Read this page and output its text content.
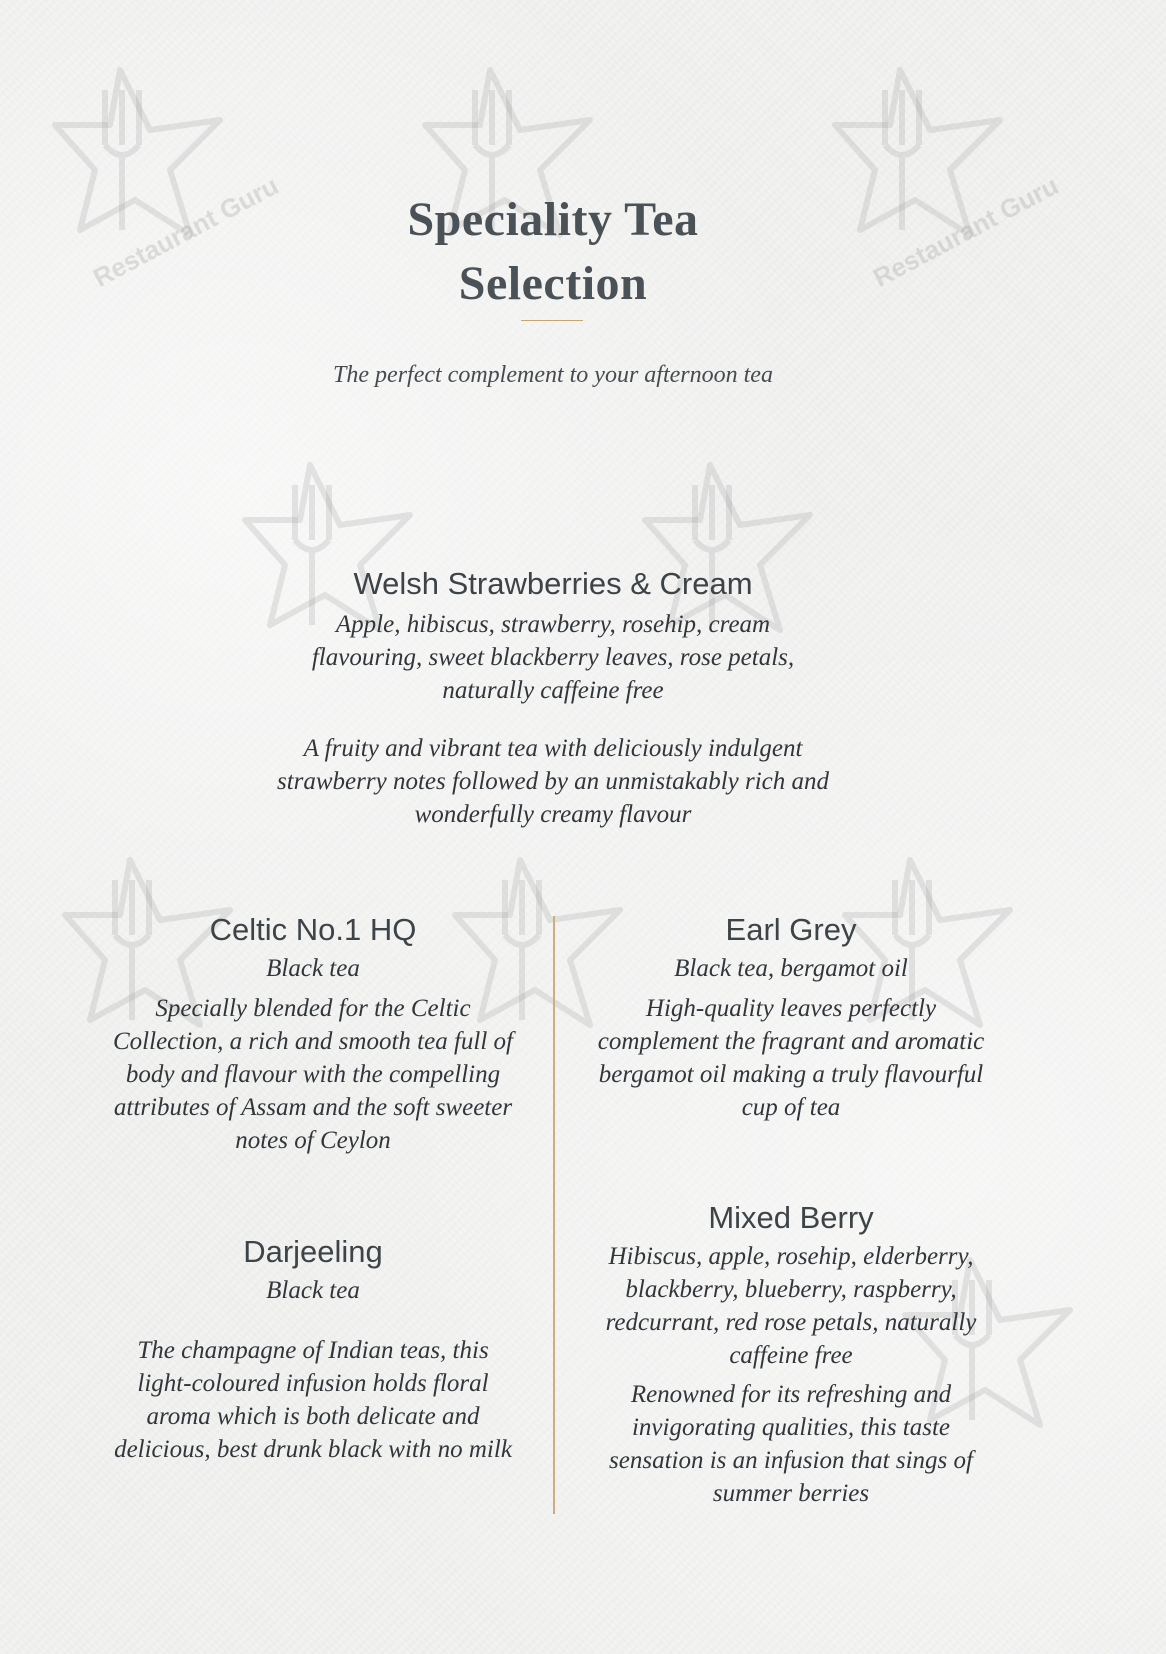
Restaurant Guru	Restaurant Guru
Speciality Tea
Selection
The perfect complement to your afternoon tea
Welsh Strawberries & Cream

Apple, hibiscus, strawberry, rosehip, cream flavouring, sweet blackberry leaves, rose petals, naturally caffeine free

A fruity and vibrant tea with deliciously indulgent strawberry notes followed by an unmistakably rich and wonderfully creamy flavour

Celtic No.1 HQ

Black tea

Specially blended for the Celtic Collection, a rich and smooth tea full of body and flavour with the compelling attributes of Assam and the soft sweeter notes of Ceylon

Darjeeling

Black tea

The champagne of Indian teas, this light-coloured infusion holds floral aroma which is both delicate and delicious, best drunk black with no milk

Earl Grey

Black tea, bergamot oil

High-quality leaves perfectly complement the fragrant and aromatic bergamot oil making a truly flavourful cup of tea

Mixed Berry

Hibiscus, apple, rosehip, elderberry, blackberry, blueberry, raspberry, redcurrant, red rose petals, naturally caffeine free

Renowned for its refreshing and invigorating qualities, this taste sensation is an infusion that sings of summer berries
